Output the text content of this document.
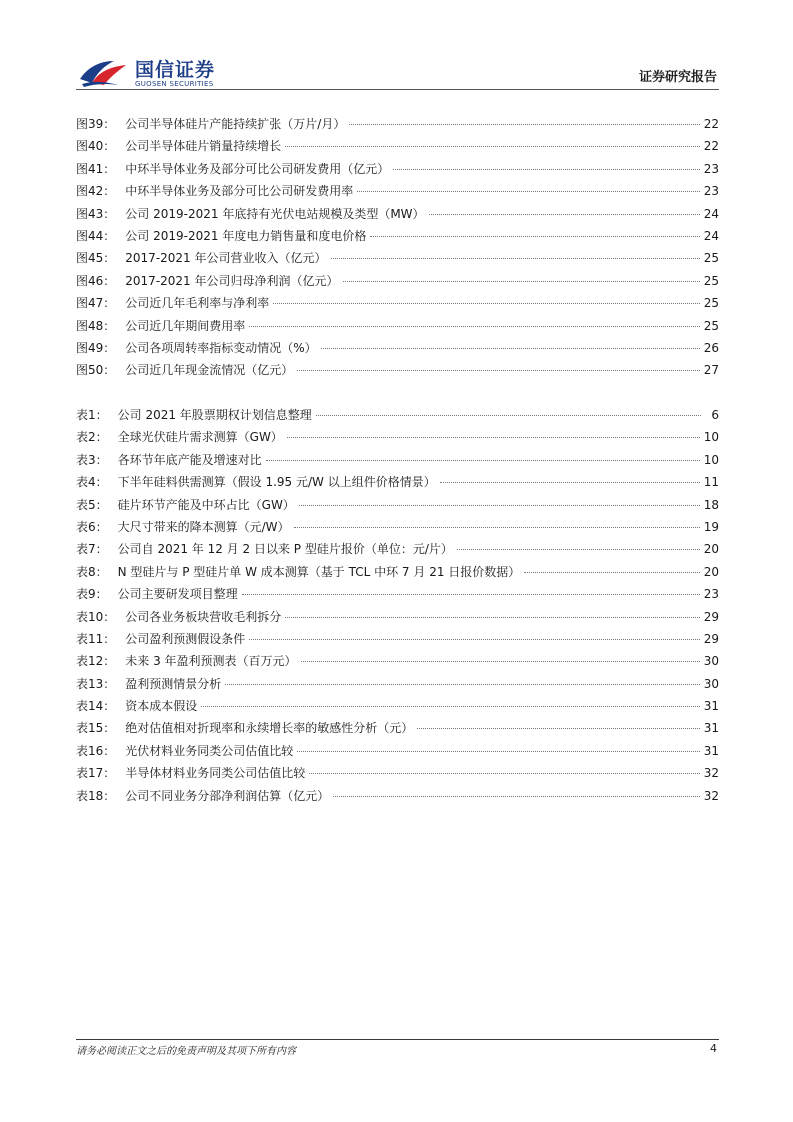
国信证券
GUOSEN SECURITIES	证券研究报告
图39： 公司半导体硅片产能持续扩张（万片/月）	22
图40： 公司半导体硅片销量持续增长	22
图41： 中环半导体业务及部分可比公司研发费用（亿元）	23
图42： 中环半导体业务及部分可比公司研发费用率	23
图43： 公司 2019-2021 年底持有光伏电站规模及类型（MW）	24
图44： 公司 2019-2021 年度电力销售量和度电价格	24
图45： 2017-2021 年公司营业收入（亿元）	25
图46： 2017-2021 年公司归母净利润（亿元）	25
图47： 公司近几年毛利率与净利率	25
图48： 公司近几年期间费用率	25
图49： 公司各项周转率指标变动情况（%）	26
图50： 公司近几年现金流情况（亿元）	27
表1： 公司 2021 年股票期权计划信息整理	6
表2： 全球光伏硅片需求测算（GW）	10
表3： 各环节年底产能及增速对比	10
表4： 下半年硅料供需测算（假设 1.95 元/W 以上组件价格情景）	11
表5： 硅片环节产能及中环占比（GW）	18
表6： 大尺寸带来的降本测算（元/W）	19
表7： 公司自 2021 年 12 月 2 日以来 P 型硅片报价（单位：元/片）	20
表8： N 型硅片与 P 型硅片单 W 成本测算（基于 TCL 中环 7 月 21 日报价数据）	20
表9： 公司主要研发项目整理	23
表10： 公司各业务板块营收毛利拆分	29
表11： 公司盈利预测假设条件	29
表12： 未来 3 年盈利预测表（百万元）	30
表13： 盈利预测情景分析	30
表14： 资本成本假设	31
表15： 绝对估值相对折现率和永续增长率的敏感性分析（元）	31
表16： 光伏材料业务同类公司估值比较	31
表17： 半导体材料业务同类公司估值比较	32
表18： 公司不同业务分部净利润估算（亿元）	32
请务必阅读正文之后的免责声明及其项下所有内容	4
